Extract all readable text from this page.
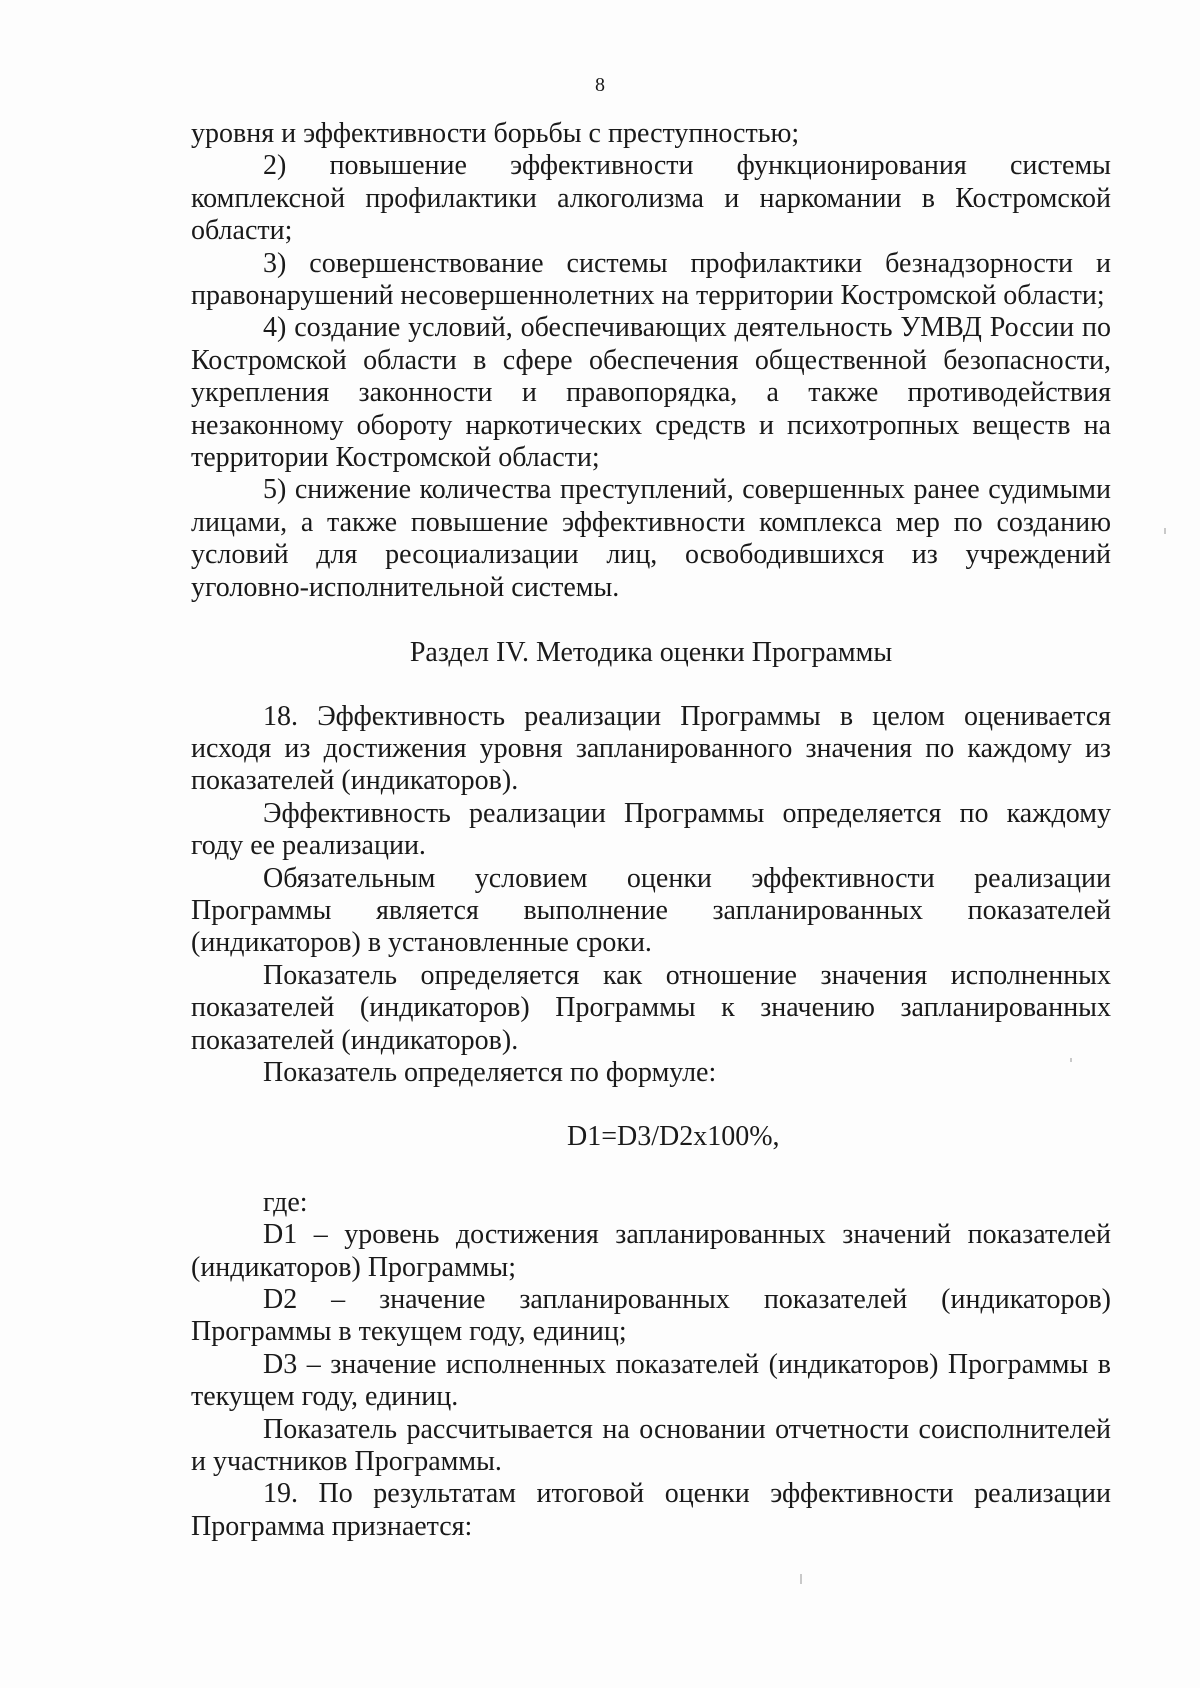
8

уровня и эффективности борьбы с преступностью;

2) повышение эффективности функционирования системы комплексной профилактики алкоголизма и наркомании в Костромской области;

3) совершенствование системы профилактики безнадзорности и правонарушений несовершеннолетних на территории Костромской области;

4) создание условий, обеспечивающих деятельность УМВД России по Костромской области в сфере обеспечения общественной безопасности, укрепления законности и правопорядка, а также противодействия незаконному обороту наркотических средств и психотропных веществ на территории Костромской области;

5) снижение количества преступлений, совершенных ранее судимыми лицами, а также повышение эффективности комплекса мер по созданию условий для ресоциализации лиц, освободившихся из учреждений уголовно-исполнительной системы.

Раздел IV. Методика оценки Программы

18. Эффективность реализации Программы в целом оценивается исходя из достижения уровня запланированного значения по каждому из показателей (индикаторов).

Эффективность реализации Программы определяется по каждому году ее реализации.

Обязательным условием оценки эффективности реализации Программы является выполнение запланированных показателей (индикаторов) в установленные сроки.

Показатель определяется как отношение значения исполненных показателей (индикаторов) Программы к значению запланированных показателей (индикаторов).

Показатель определяется по формуле:

D1=D3/D2x100%,

где:

D1 – уровень достижения запланированных значений показателей (индикаторов) Программы;

D2 – значение запланированных показателей (индикаторов) Программы в текущем году, единиц;

D3 – значение исполненных показателей (индикаторов) Программы в текущем году, единиц.

Показатель рассчитывается на основании отчетности соисполнителей и участников Программы.

19. По результатам итоговой оценки эффективности реализации Программа признается:
